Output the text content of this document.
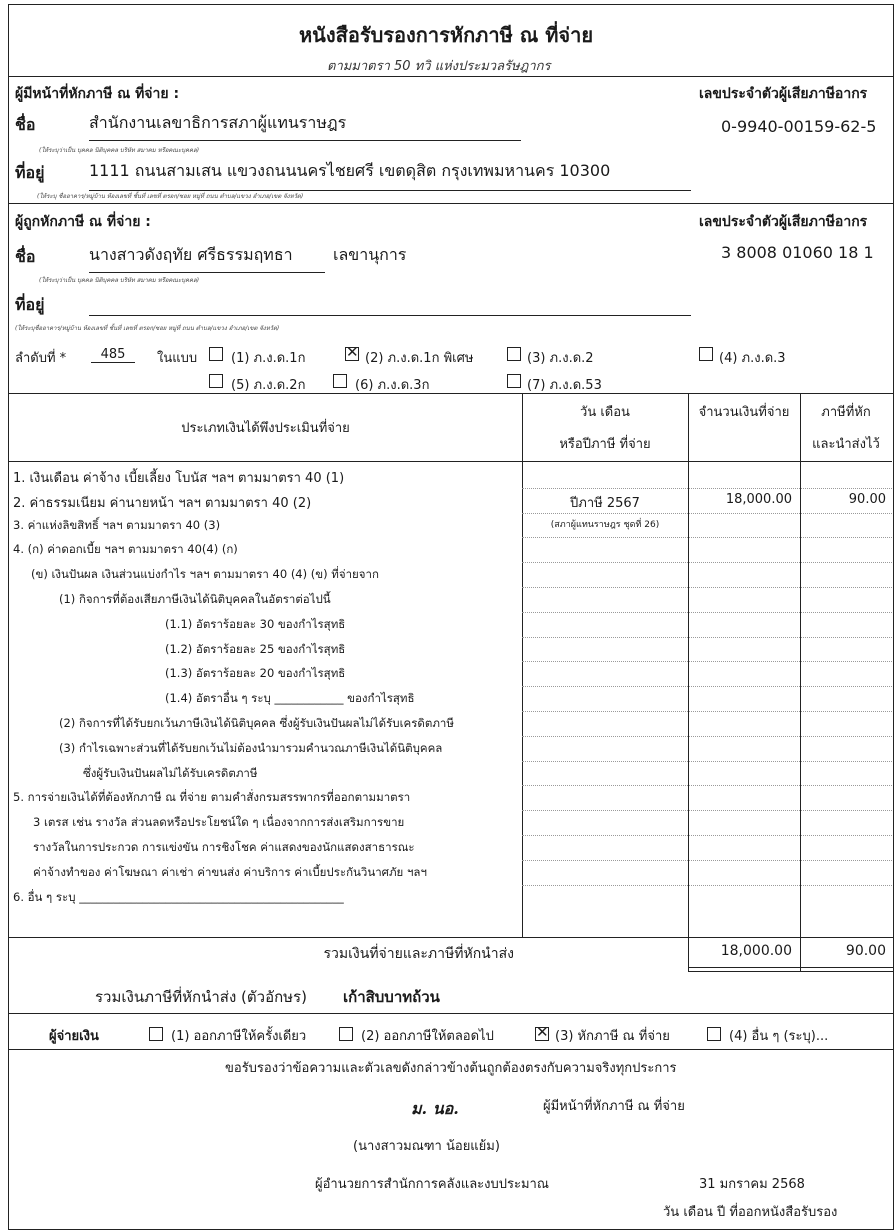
หนังสือรับรองการหักภาษี ณ ที่จ่าย
ตามมาตรา 50 ทวิ แห่งประมวลรัษฎากร
ผู้มีหน้าที่หักภาษี ณ ที่จ่าย :	เลขประจำตัวผู้เสียภาษีอากร
ชื่อ	สำนักงานเลขาธิการสภาผู้แทนราษฎร	0-9940-00159-62-5
(ให้ระบุว่าเป็น บุคคล นิติบุคคล บริษัท สมาคม หรือคณะบุคคล)
ที่อยู่	1111 ถนนสามเสน แขวงถนนนครไชยศรี เขตดุสิต กรุงเทพมหานคร 10300
(ให้ระบุ ชื่ออาคาร/หมู่บ้าน ห้องเลขที่ ชั้นที่ เลขที่ ตรอก/ซอย หมู่ที่ ถนน ตำบล/แขวง อำเภอ/เขต จังหวัด)
ผู้ถูกหักภาษี ณ ที่จ่าย :	เลขประจำตัวผู้เสียภาษีอากร
ชื่อ	นางสาวดังฤทัย ศรีธรรมฤทธา	เลขานุการ	3 8008 01060 18 1
(ให้ระบุว่าเป็น บุคคล นิติบุคคล บริษัท สมาคม หรือคณะบุคคล)
ที่อยู่
(ให้ระบุชื่ออาคาร/หมู่บ้าน ห้องเลขที่ ชั้นที่ เลขที่ ตรอก/ซอย หมู่ที่ ถนน ตำบล/แขวง อำเภอ/เขต จังหวัด)
ลำดับที่ *	485	ในแบบ	(1) ภ.ง.ด.1ก ✕	(2) ภ.ง.ด.1ก พิเศษ	(3) ภ.ง.ด.2	(4) ภ.ง.ด.3
(5) ภ.ง.ด.2ก	(6) ภ.ง.ด.3ก	(7) ภ.ง.ด.53
ประเภทเงินได้พึงประเมินที่จ่าย
วัน เดือน
หรือปีภาษี ที่จ่าย
จำนวนเงินที่จ่าย	ภาษีที่หัก
และนำส่งไว้
1. เงินเดือน ค่าจ้าง เบี้ยเลี้ยง โบนัส ฯลฯ ตามมาตรา 40 (1)
2. ค่าธรรมเนียม ค่านายหน้า ฯลฯ ตามมาตรา 40 (2)	ปีภาษี 2567	18,000.00	90.00
3. ค่าแห่งลิขสิทธิ์ ฯลฯ ตามมาตรา 40 (3)	(สภาผู้แทนราษฎร ชุดที่ 26)
4. (ก) ค่าดอกเบี้ย ฯลฯ ตามมาตรา 40(4) (ก)
(ข) เงินปันผล เงินส่วนแบ่งกำไร ฯลฯ ตามมาตรา 40 (4) (ข) ที่จ่ายจาก
(1) กิจการที่ต้องเสียภาษีเงินได้นิติบุคคลในอัตราต่อไปนี้
(1.1) อัตราร้อยละ 30 ของกำไรสุทธิ
(1.2) อัตราร้อยละ 25 ของกำไรสุทธิ
(1.3) อัตราร้อยละ 20 ของกำไรสุทธิ
(1.4) อัตราอื่น ๆ ระบุ ____________ ของกำไรสุทธิ
(2) กิจการที่ได้รับยกเว้นภาษีเงินได้นิติบุคคล ซึ่งผู้รับเงินปันผลไม่ได้รับเครดิตภาษี
(3) กำไรเฉพาะส่วนที่ได้รับยกเว้นไม่ต้องนำมารวมคำนวณภาษีเงินได้นิติบุคคล
ซึ่งผู้รับเงินปันผลไม่ได้รับเครดิตภาษี
5. การจ่ายเงินได้ที่ต้องหักภาษี ณ ที่จ่าย ตามคำสั่งกรมสรรพากรที่ออกตามมาตรา
3 เตรส เช่น รางวัล ส่วนลดหรือประโยชน์ใด ๆ เนื่องจากการส่งเสริมการขาย
รางวัลในการประกวด การแข่งขัน การชิงโชค ค่าแสดงของนักแสดงสาธารณะ
ค่าจ้างทำของ ค่าโฆษณา ค่าเช่า ค่าขนส่ง ค่าบริการ ค่าเบี้ยประกันวินาศภัย ฯลฯ
6. อื่น ๆ ระบุ ______________________________________________
รวมเงินที่จ่ายและภาษีที่หักนำส่ง	18,000.00	90.00
รวมเงินภาษีที่หักนำส่ง (ตัวอักษร) เก้าสิบบาทถ้วน
ผู้จ่ายเงิน	(1) ออกภาษีให้ครั้งเดียว	(2) ออกภาษีให้ตลอดไป ✕	(3) หักภาษี ณ ที่จ่าย	(4) อื่น ๆ (ระบุ)...
ขอรับรองว่าข้อความและตัวเลขดังกล่าวข้างต้นถูกต้องตรงกับความจริงทุกประการ
ม. นอ.	ผู้มีหน้าที่หักภาษี ณ ที่จ่าย
(นางสาวมณฑา น้อยแย้ม)
ผู้อำนวยการสำนักการคลังและงบประมาณ	31 มกราคม 2568
วัน เดือน ปี ที่ออกหนังสือรับรอง
